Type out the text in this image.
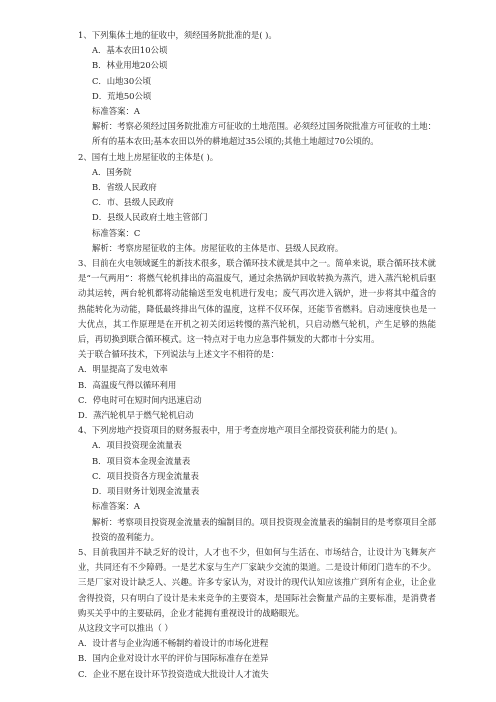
1、下列集体土地的征收中，须经国务院批准的是( )。
A．基本农田10公顷
B．林业用地20公顷
C．山地30公顷
D．荒地50公顷
标准答案：A
解析：考察必须经过国务院批准方可征收的土地范围。必须经过国务院批准方可征收的土地：所有的基本农田;基本农田以外的耕地超过35公顷的;其他土地超过70公顷的。
2、国有土地上房屋征收的主体是( )。
A．国务院
B．省级人民政府
C．市、县级人民政府
D．县级人民政府土地主管部门
标准答案：C
解析：考察房屋征收的主体。房屋征收的主体是市、县级人民政府。
3、目前在火电领域诞生的新技术很多，联合循环技术就是其中之一。简单来说，联合循环技术就是“一气两用”：将燃气轮机排出的高温废气，通过余热锅炉回收转换为蒸汽，进入蒸汽轮机后驱动其运转，两台轮机都将动能输送至发电机进行发电；废气再次进入锅炉，进一步将其中蕴含的热能转化为动能，降低最终排出气体的温度，这样不仅环保，还能节省燃料。启动速度快也是一大优点，其工作原理是在开机之初关闭运转慢的蒸汽轮机，只启动燃气轮机，产生足够的热能后，再切换到联合循环模式。这一特点对于电力应急事件频发的大都市十分实用。
关于联合循环技术，下列说法与上述文字不相符的是：
A．明显提高了发电效率
B．高温废气得以循环利用
C．停电时可在短时间内迅速启动
D．蒸汽轮机早于燃气轮机启动
4、下列房地产投资项目的财务报表中，用于考查房地产项目全部投资获利能力的是( )。
A．项目投资现金流量表
B．项目资本金现金流量表
C．项目投资各方现金流量表
D．项目财务计划现金流量表
标准答案：A
解析：考察项目投资现金流量表的编制目的。项目投资现金流量表的编制目的是考察项目全部投资的盈利能力。
5、目前我国并不缺乏好的设计，人才也不少，但如何与生活在、市场结合，让设计为飞舞灰产业，共同还有不少障碍。一是艺术家与生产厂家缺少交流的渠道。二是设计师闭门造车的不少。三是厂家对设计缺乏人、兴趣。许多专家认为，对设计的现代认知应该推广到所有企业，让企业舍得投资，只有明白了设计是未来竞争的主要资本，是国际社会衡量产品的主要标准，是消费者购买关乎中的主要砝码，企业才能拥有重视设计的战略眼光。
从这段文字可以推出（ ）
A．设计者与企业沟通不畅制约着设计的市场化进程
B．国内企业对设计水平的评价与国际标准存在差异
C．企业不愿在设计环节投资造成大批设计人才流失
